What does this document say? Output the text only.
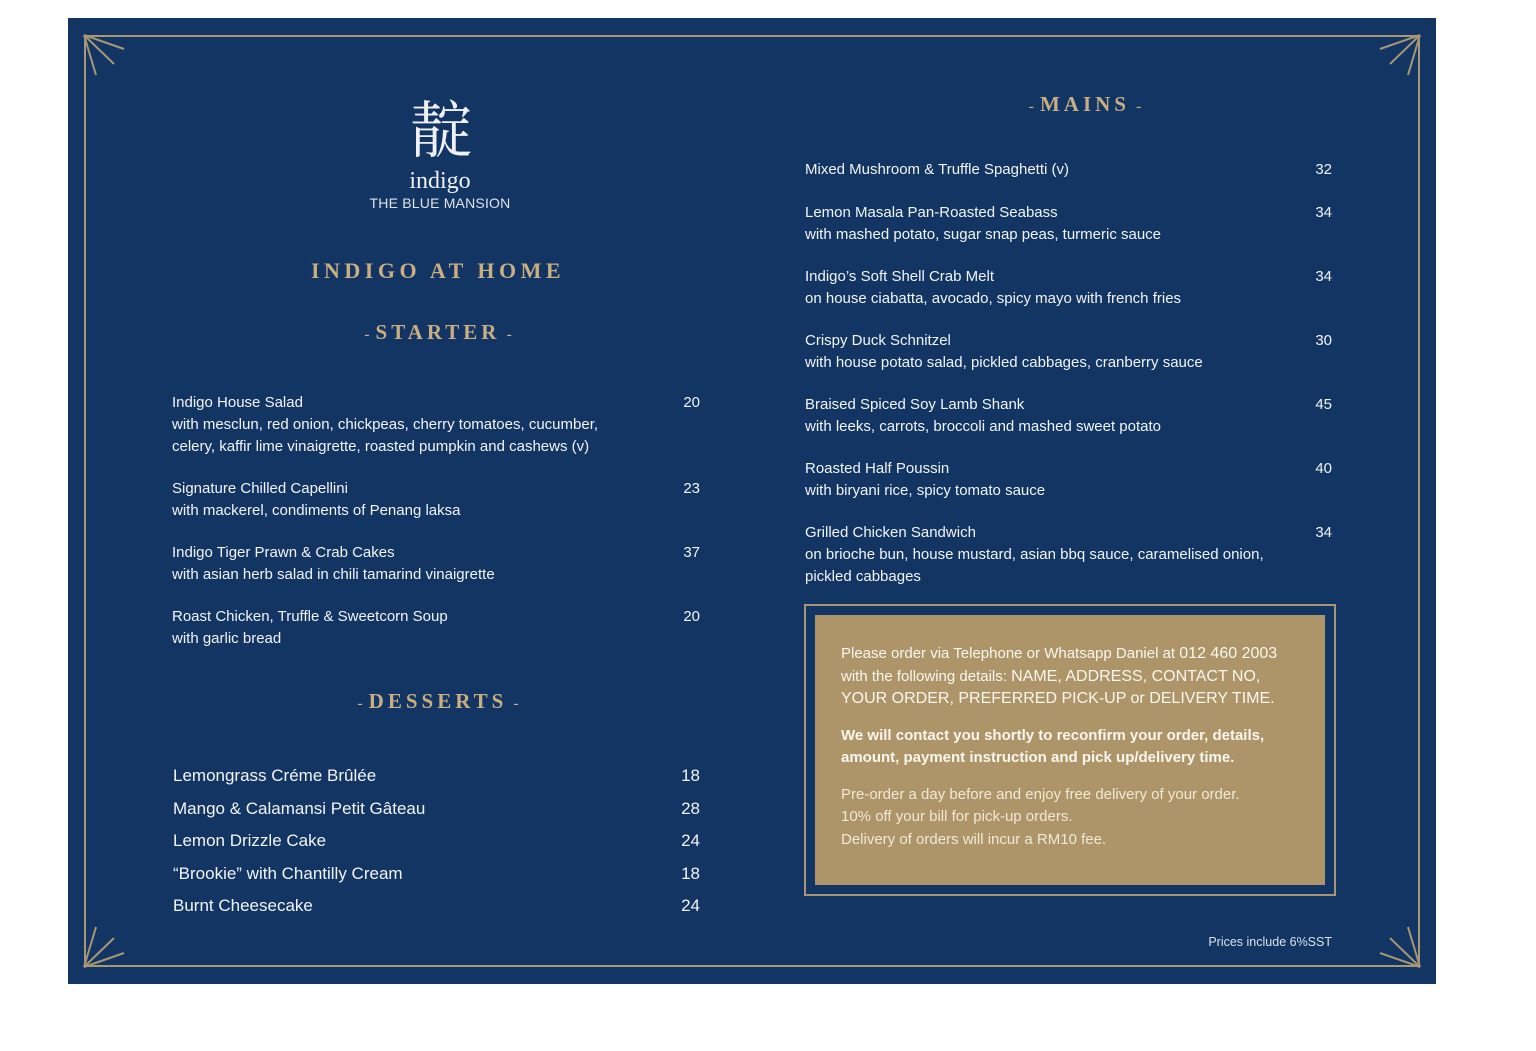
靛
indigo
THE BLUE MANSION
INDIGO AT HOME
- STARTER -
Indigo House Salad
with mesclun, red onion, chickpeas, cherry tomatoes, cucumber, celery, kaffir lime vinaigrette, roasted pumpkin and cashews (v)
20
Signature Chilled Capellini
with mackerel, condiments of Penang laksa
23
Indigo Tiger Prawn & Crab Cakes
with asian herb salad in chili tamarind vinaigrette
37
Roast Chicken, Truffle & Sweetcorn Soup
with garlic bread
20
- DESSERTS -
Lemongrass Créme Brûlée	18
Mango & Calamansi Petit Gâteau	28
Lemon Drizzle Cake	24
“Brookie” with Chantilly Cream	18
Burnt Cheesecake	24
- MAINS -
Mixed Mushroom & Truffle Spaghetti (v)	32
Lemon Masala Pan-Roasted Seabass
with mashed potato, sugar snap peas, turmeric sauce
34
Indigo’s Soft Shell Crab Melt
on house ciabatta, avocado, spicy mayo with french fries
34
Crispy Duck Schnitzel
with house potato salad, pickled cabbages, cranberry sauce
30
Braised Spiced Soy Lamb Shank
with leeks, carrots, broccoli and mashed sweet potato
45
Roasted Half Poussin
with biryani rice, spicy tomato sauce
40
Grilled Chicken Sandwich
on brioche bun, house mustard, asian bbq sauce, caramelised onion, pickled cabbages
34

Please order via Telephone or Whatsapp Daniel at 012 460 2003 with the following details: NAME, ADDRESS, CONTACT NO, YOUR ORDER, PREFERRED PICK-UP or DELIVERY TIME.

We will contact you shortly to reconfirm your order, details, amount, payment instruction and pick up/delivery time.

Pre-order a day before and enjoy free delivery of your order.
10% off your bill for pick-up orders.
Delivery of orders will incur a RM10 fee.

Prices include 6%SST
